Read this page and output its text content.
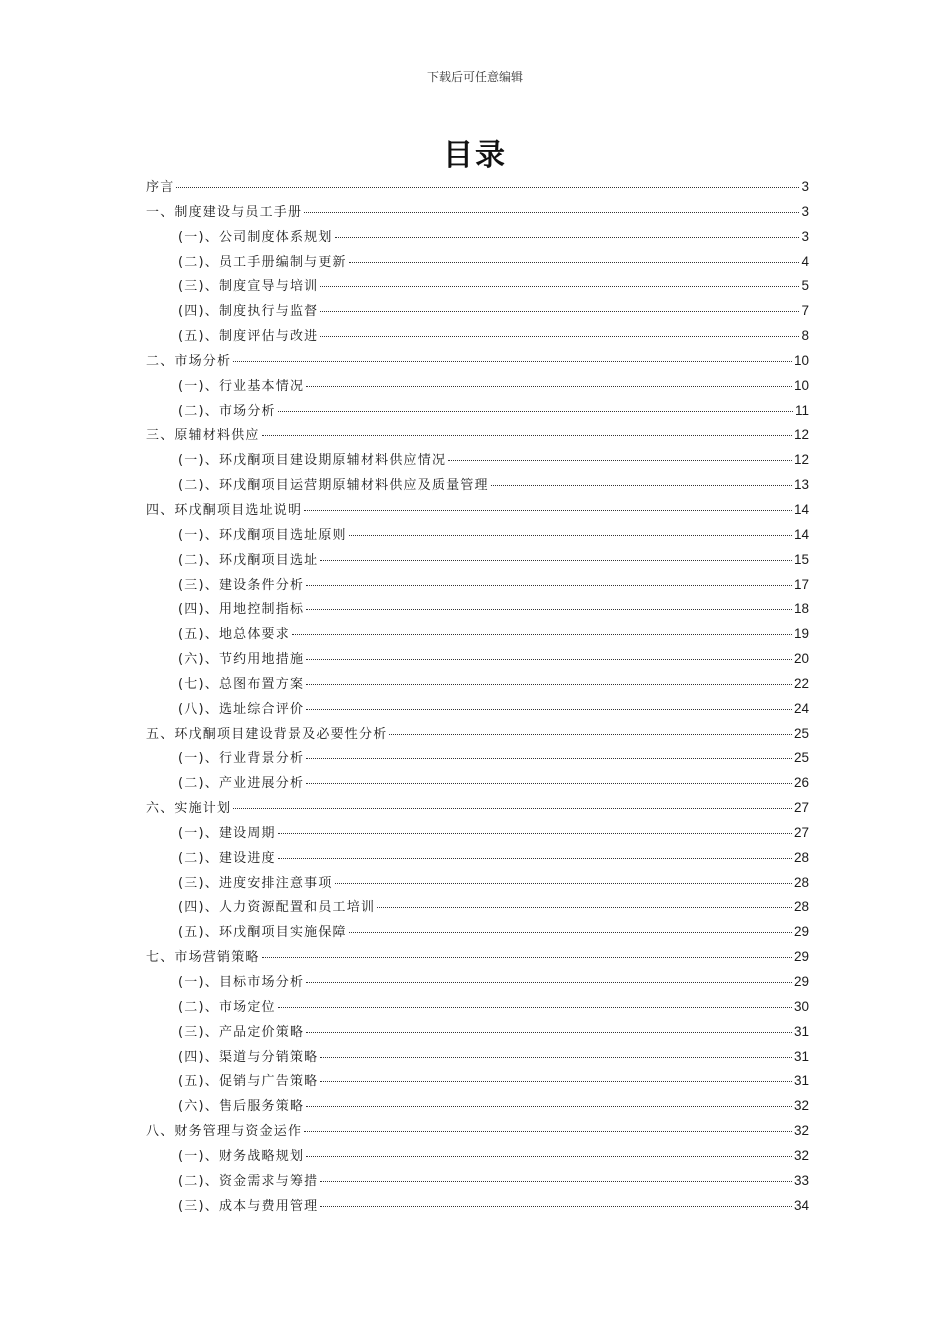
下载后可任意编辑
目录
序言	3
一、制度建设与员工手册	3
(一)、公司制度体系规划	3
(二)、员工手册编制与更新	4
(三)、制度宣导与培训	5
(四)、制度执行与监督	7
(五)、制度评估与改进	8
二、市场分析	10
(一)、行业基本情况	10
(二)、市场分析	11
三、原辅材料供应	12
(一)、环戊酮项目建设期原辅材料供应情况	12
(二)、环戊酮项目运营期原辅材料供应及质量管理	13
四、环戊酮项目选址说明	14
(一)、环戊酮项目选址原则	14
(二)、环戊酮项目选址	15
(三)、建设条件分析	17
(四)、用地控制指标	18
(五)、地总体要求	19
(六)、节约用地措施	20
(七)、总图布置方案	22
(八)、选址综合评价	24
五、环戊酮项目建设背景及必要性分析	25
(一)、行业背景分析	25
(二)、产业进展分析	26
六、实施计划	27
(一)、建设周期	27
(二)、建设进度	28
(三)、进度安排注意事项	28
(四)、人力资源配置和员工培训	28
(五)、环戊酮项目实施保障	29
七、市场营销策略	29
(一)、目标市场分析	29
(二)、市场定位	30
(三)、产品定价策略	31
(四)、渠道与分销策略	31
(五)、促销与广告策略	31
(六)、售后服务策略	32
八、财务管理与资金运作	32
(一)、财务战略规划	32
(二)、资金需求与筹措	33
(三)、成本与费用管理	34
